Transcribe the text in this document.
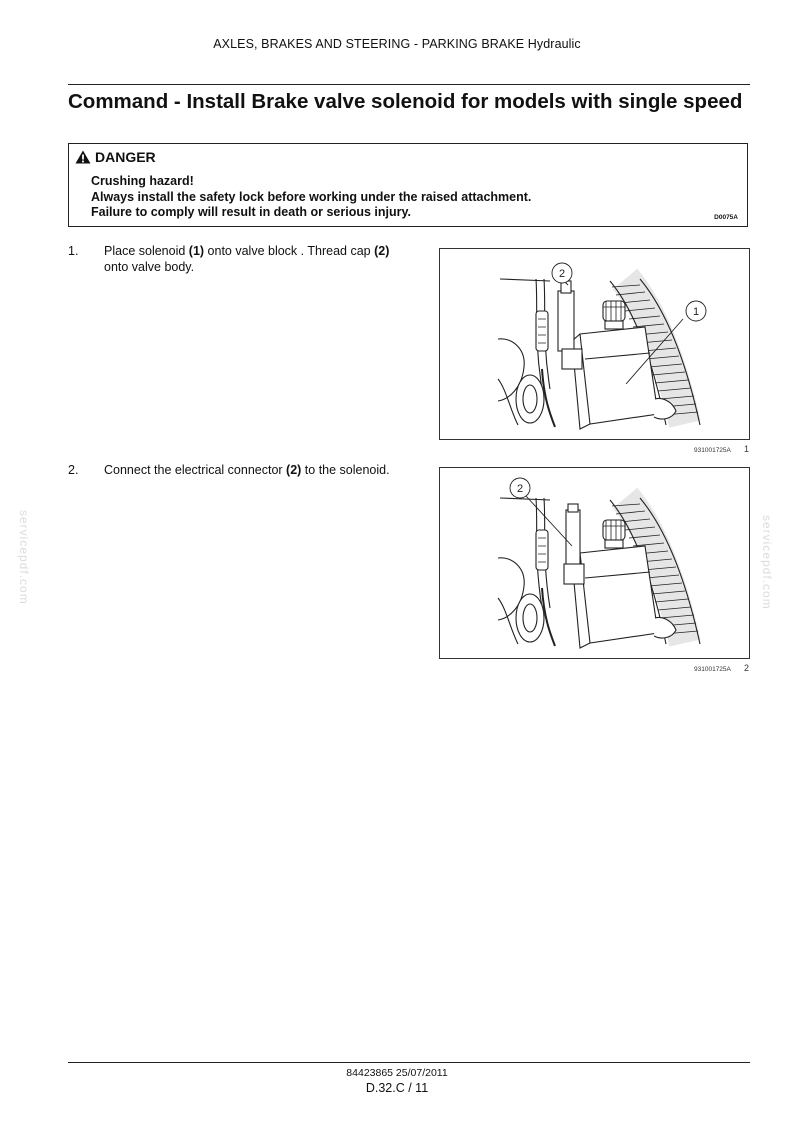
AXLES, BRAKES AND STEERING - PARKING BRAKE Hydraulic
Command - Install Brake valve solenoid for models with single speed
DANGER
Crushing hazard!
Always install the safety lock before working under the raised attachment.
Failure to comply will result in death or serious injury.	D0075A
1. Place solenoid (1) onto valve block . Thread cap (2) onto valve body.
2
1
931001725A 1
2. Connect the electrical connector (2) to the solenoid.
2
931001725A 2
servicepdf.com	servicepdf.com
84423865 25/07/2011
D.32.C / 11
